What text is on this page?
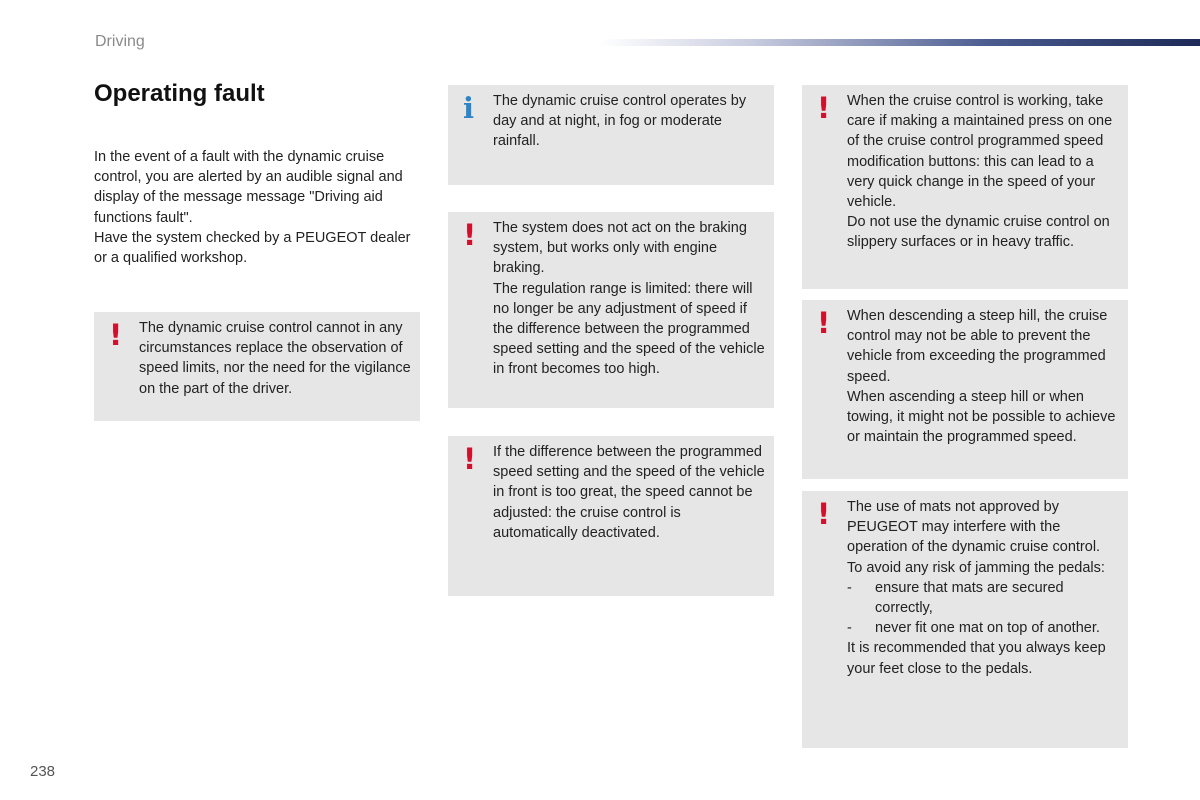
Driving
Operating fault

In the event of a fault with the dynamic cruise control, you are alerted by an audible signal and display of the message message "Driving aid functions fault".

Have the system checked by a PEUGEOT dealer or a qualified workshop.

! The dynamic cruise control cannot in any circumstances replace the observation of speed limits, nor the need for the vigilance on the part of the driver.

i The dynamic cruise control operates by day and at night, in fog or moderate rainfall.

! The system does not act on the braking system, but works only with engine braking.

The regulation range is limited: there will no longer be any adjustment of speed if the difference between the programmed speed setting and the speed of the vehicle in front becomes too high.

! If the difference between the programmed speed setting and the speed of the vehicle in front is too great, the speed cannot be adjusted: the cruise control is automatically deactivated.

! When the cruise control is working, take care if making a maintained press on one of the cruise control programmed speed modification buttons: this can lead to a very quick change in the speed of your vehicle.

Do not use the dynamic cruise control on slippery surfaces or in heavy traffic.

! When descending a steep hill, the cruise control may not be able to prevent the vehicle from exceeding the programmed speed.

When ascending a steep hill or when towing, it might not be possible to achieve or maintain the programmed speed.

! The use of mats not approved by PEUGEOT may interfere with the operation of the dynamic cruise control.

To avoid any risk of jamming the pedals:

-	ensure that mats are secured correctly,
-	never fit one mat on top of another.

It is recommended that you always keep your feet close to the pedals.

238
